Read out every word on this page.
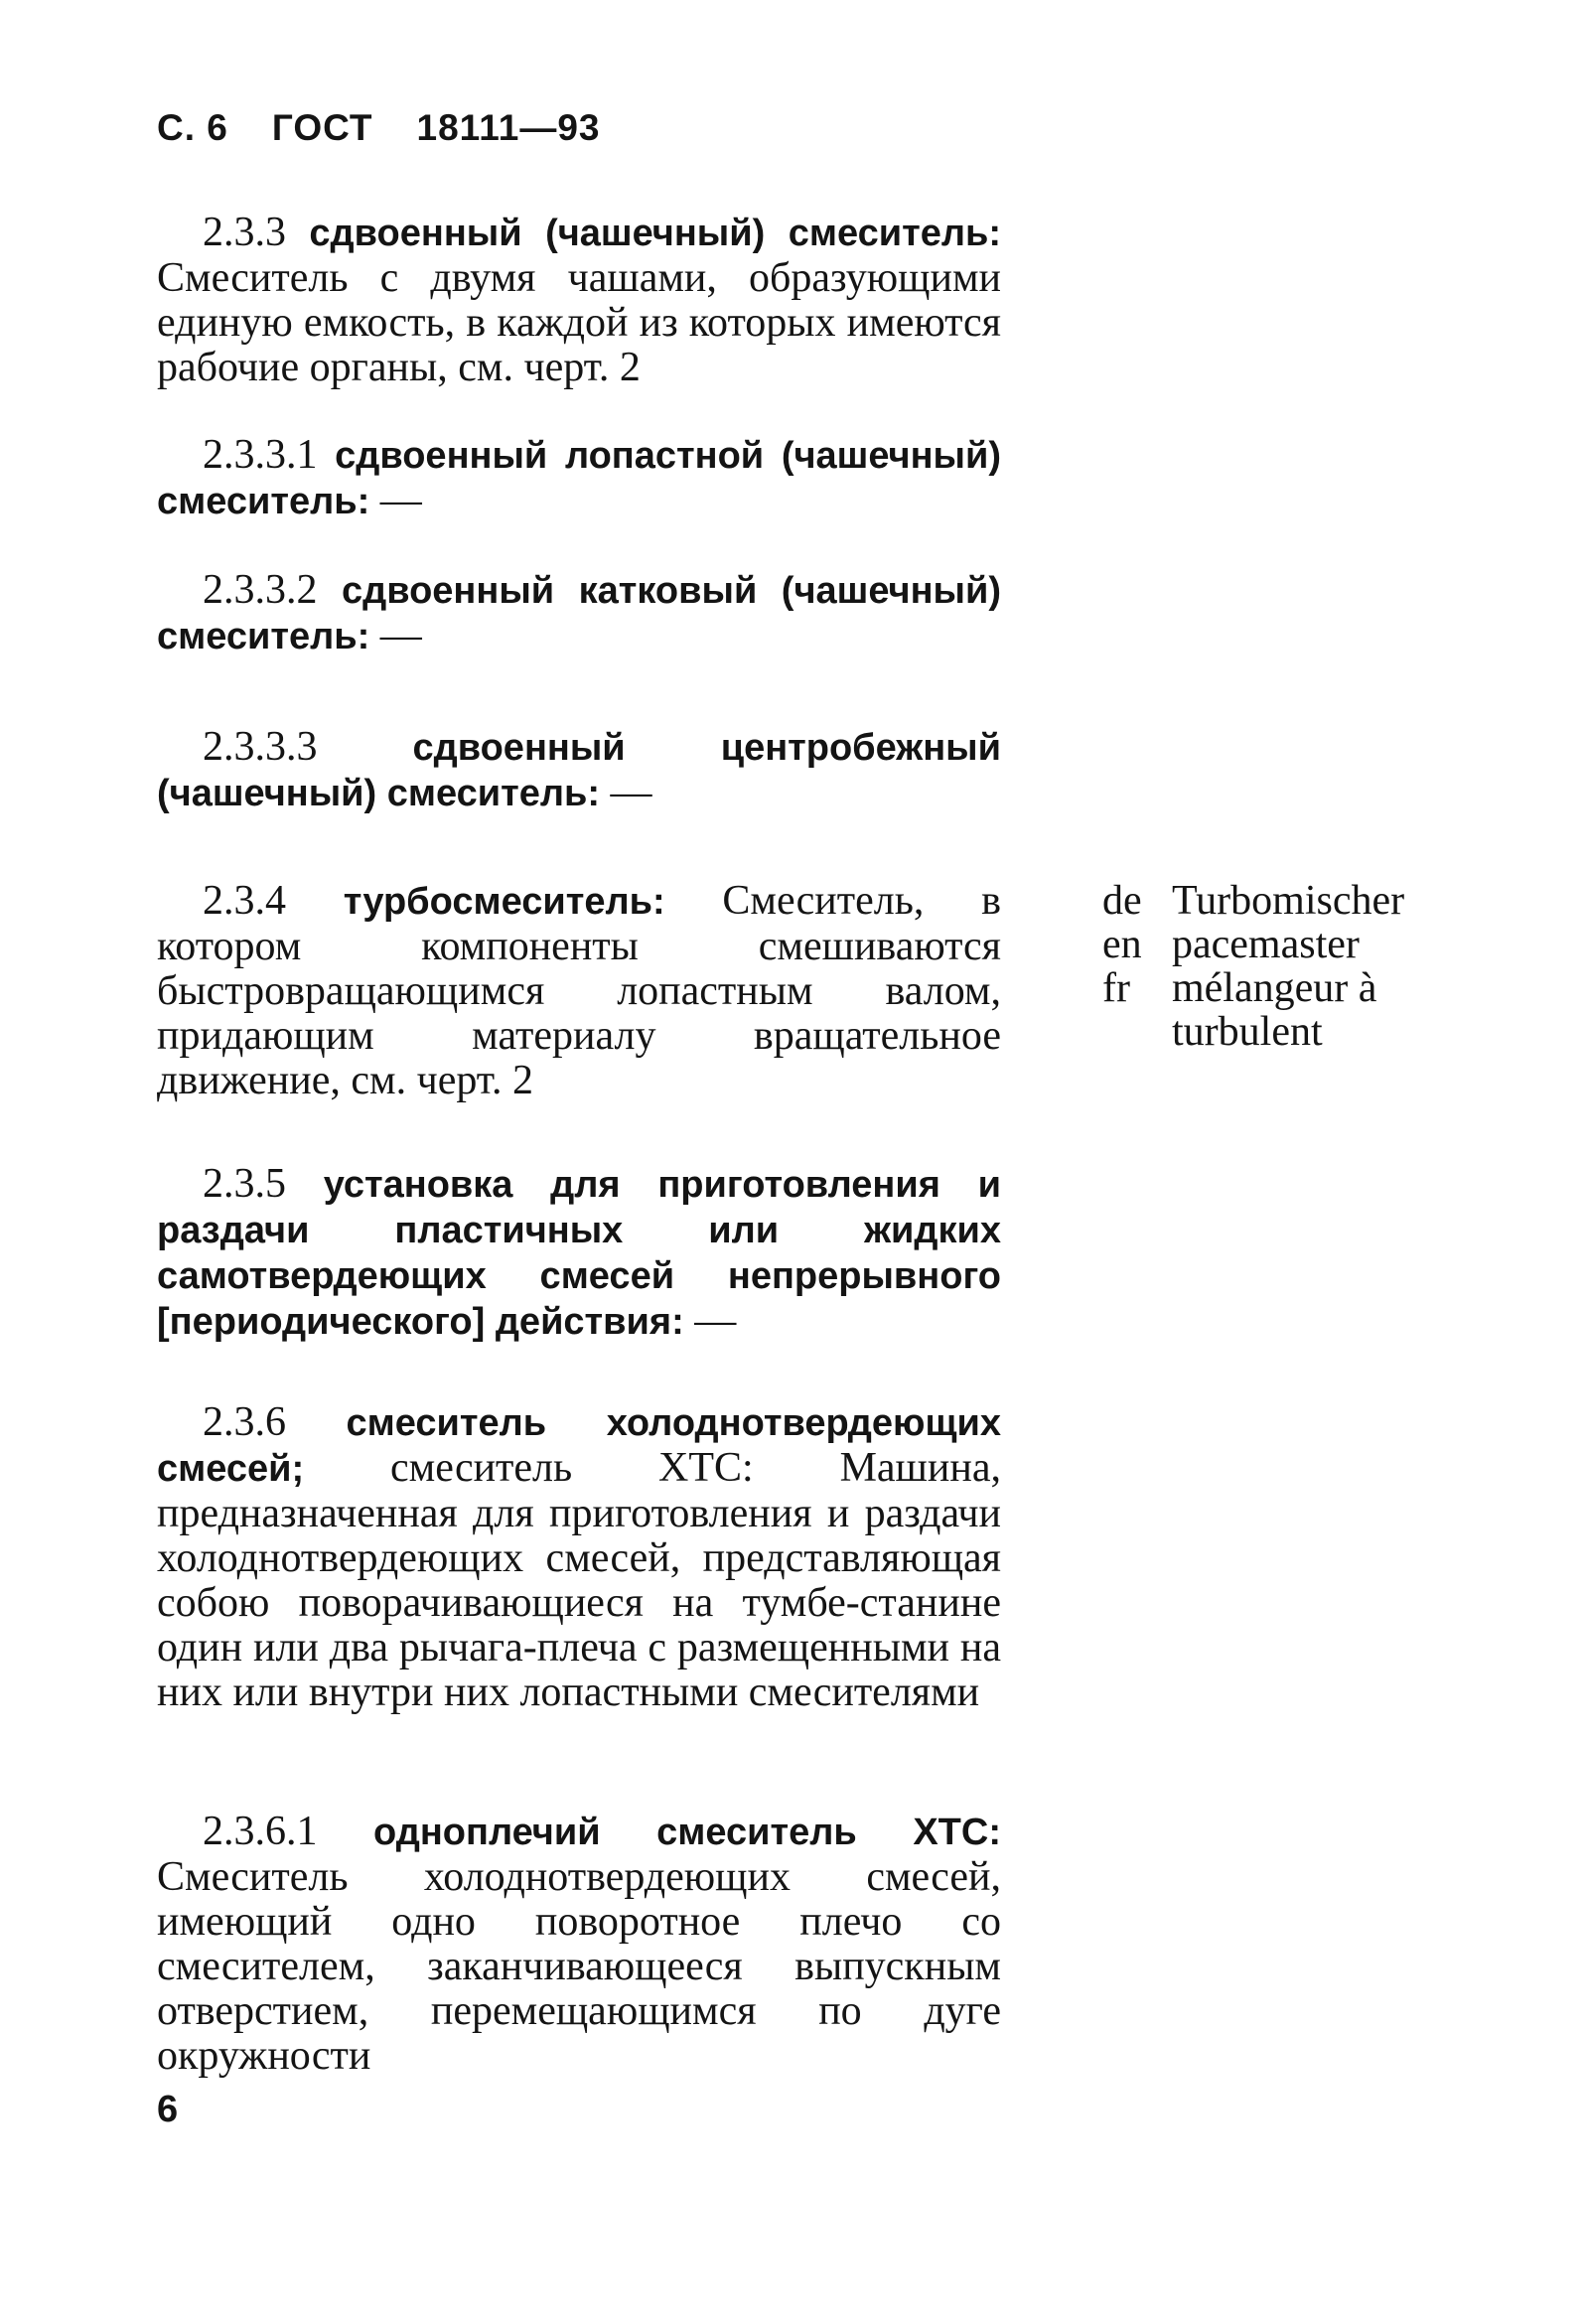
С. 6 ГОСТ 18111—93

2.3.3 сдвоенный (чашечный) смеситель: Смеситель с двумя чашами, образующими единую емкость, в каждой из которых имеются рабочие органы, см. черт. 2

2.3.3.1 сдвоенный лопастной (чашечный) смеситель: —

2.3.3.2 сдвоенный катковый (чашечный) смеситель: —

2.3.3.3	сдвоенный центробежный (чашечный) смеситель: —

2.3.4 турбосмеситель: Смеситель, в котором компоненты смешиваются быстровращающимся лопастным валом, придающим материалу вращательное движение, см. черт. 2

2.3.5 установка для приготовления и раздачи пластичных или жидких самотвердеющих смесей непрерывного [периодического] действия: —

2.3.6 смеситель холоднотвердеющих смесей; смеситель ХТС: Машина, предназначенная для приготовления и раздачи холоднотвердеющих смесей, представляющая собою поворачивающиеся на тумбе-станине один или два рычага-плеча с размещенными на них или внутри них лопастными смесителями

2.3.6.1 одноплечий смеситель ХТС: Смеситель холоднотвердеющих смесей, имеющий одно поворотное плечо со смесителем, заканчивающееся выпускным отверстием, перемещающимся по дуге окружности

de Turbomischer
en pacemaster
fr	mélangeur à
turbulent
6
